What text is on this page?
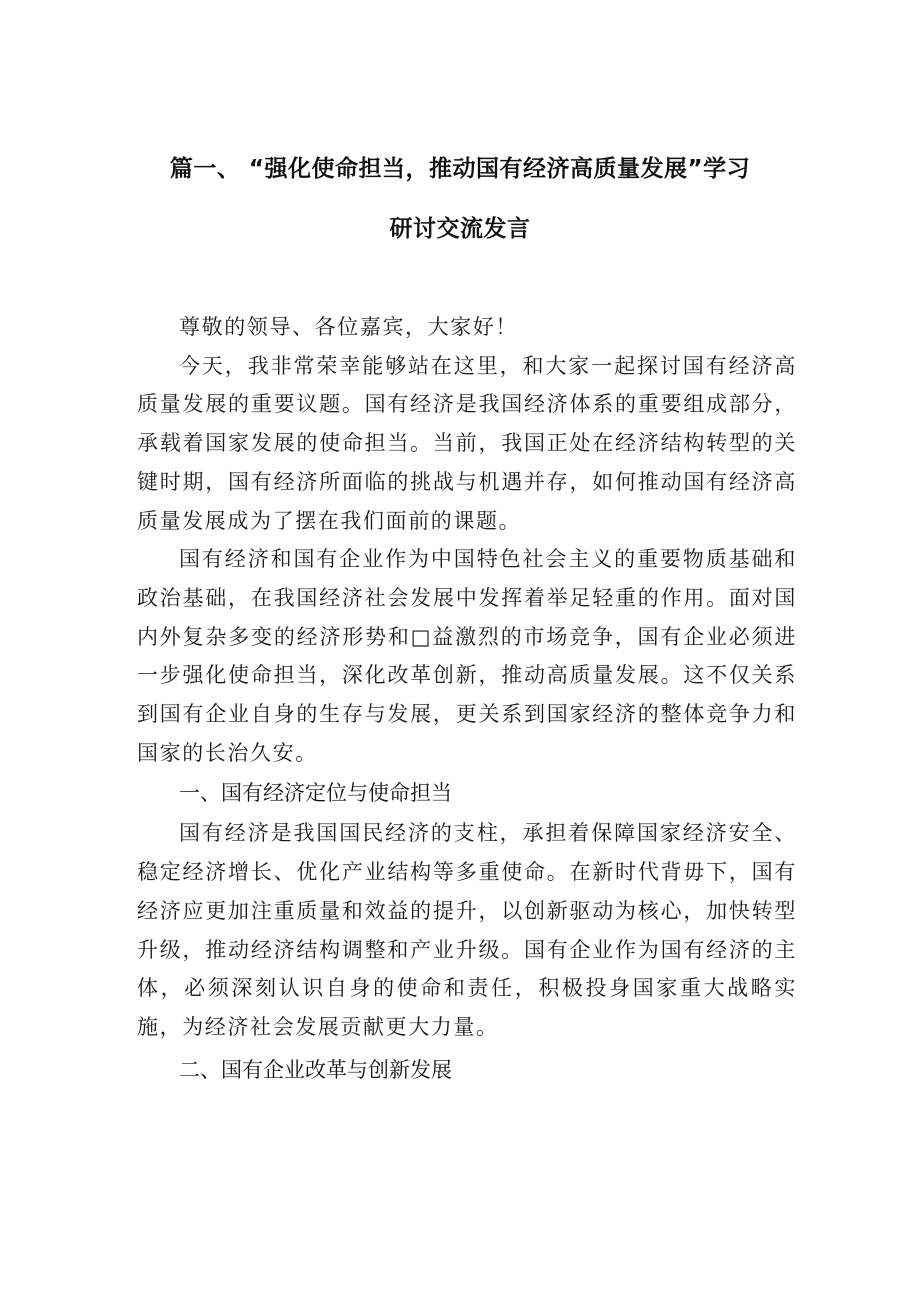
篇一、 “强化使命担当，推动国有经济高质量发展”学习
研讨交流发言

尊敬的领导、各位嘉宾，大家好！

今天，我非常荣幸能够站在这里，和大家一起探讨国有经济高质量发展的重要议题。国有经济是我国经济体系的重要组成部分，承载着国家发展的使命担当。当前，我国正处在经济结构转型的关键时期，国有经济所面临的挑战与机遇并存，如何推动国有经济高质量发展成为了摆在我们面前的课题。

国有经济和国有企业作为中国特色社会主义的重要物质基础和政治基础，在我国经济社会发展中发挥着举足轻重的作用。面对国内外复杂多变的经济形势和□益激烈的市场竞争，国有企业必须进一步强化使命担当，深化改革创新，推动高质量发展。这不仅关系到国有企业自身的生存与发展，更关系到国家经济的整体竞争力和国家的长治久安。

一、国有经济定位与使命担当

国有经济是我国国民经济的支柱，承担着保障国家经济安全、稳定经济增长、优化产业结构等多重使命。在新时代背毋下，国有经济应更加注重质量和效益的提升，以创新驱动为核心，加快转型升级，推动经济结构调整和产业升级。国有企业作为国有经济的主体，必须深刻认识自身的使命和责任，积极投身国家重大战略实施，为经济社会发展贡献更大力量。

二、国有企业改革与创新发展
